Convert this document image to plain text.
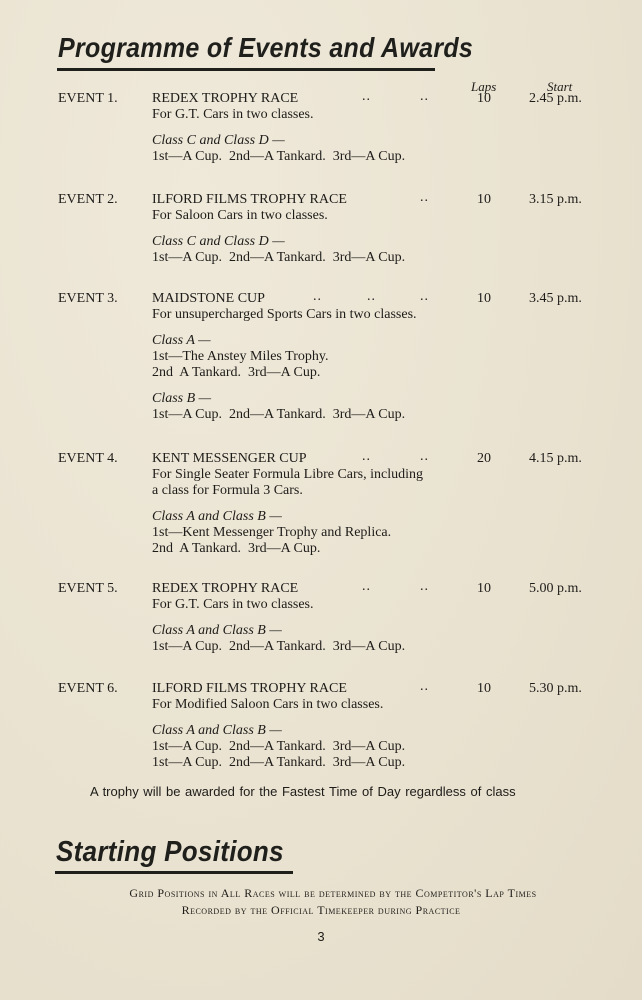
Programme of Events and Awards
Laps	Start
EVENT 1. REDEX TROPHY RACE	..	..	10	2.45 p.m.
For G.T. Cars in two classes.
Class C and Class D —
1st—A Cup.  2nd—A Tankard.  3rd—A Cup.
EVENT 2. ILFORD FILMS TROPHY RACE	..	10	3.15 p.m.
For Saloon Cars in two classes.
Class C and Class D —
1st—A Cup.  2nd—A Tankard.  3rd—A Cup.
EVENT 3. MAIDSTONE CUP	..	..	..	10	3.45 p.m.
For unsupercharged Sports Cars in two classes.
Class A —
1st—The Anstey Miles Trophy.
2nd  A Tankard.  3rd—A Cup.
Class B —
1st—A Cup.  2nd—A Tankard.  3rd—A Cup.
EVENT 4. KENT MESSENGER CUP	..	..	20	4.15 p.m.
For Single Seater Formula Libre Cars, including
a class for Formula 3 Cars.
Class A and Class B —
1st—Kent Messenger Trophy and Replica.
2nd  A Tankard.  3rd—A Cup.
EVENT 5. REDEX TROPHY RACE	..	..	10	5.00 p.m.
For G.T. Cars in two classes.
Class A and Class B —
1st—A Cup.  2nd—A Tankard.  3rd—A Cup.
EVENT 6. ILFORD FILMS TROPHY RACE	..	10	5.30 p.m.
For Modified Saloon Cars in two classes.
Class A and Class B —
1st—A Cup.  2nd—A Tankard.  3rd—A Cup.
1st—A Cup.  2nd—A Tankard.  3rd—A Cup.
A trophy will be awarded for the Fastest Time of Day regardless of class
Starting Positions
Grid Positions in All Races will be determined by the Competitor's Lap Times
Recorded by the Official Timekeeper during Practice
3
